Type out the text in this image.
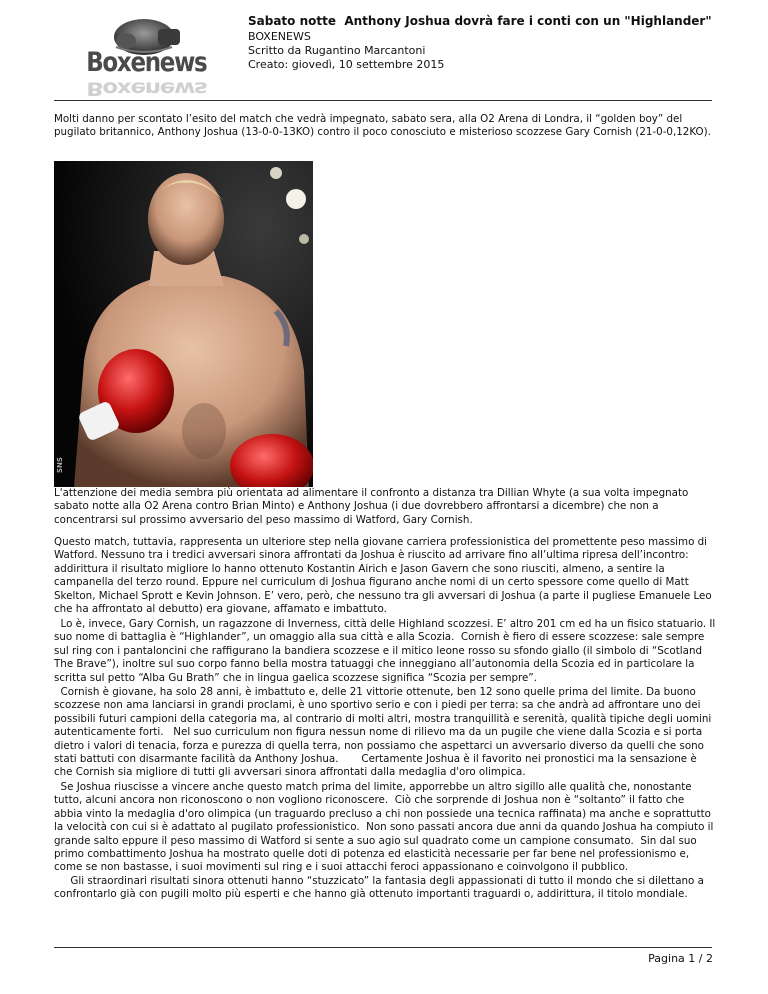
Boxenews
Boxenews
Sabato notte  Anthony Joshua dovrà fare i conti con un "Highlander"
BOXENEWS
Scritto da Rugantino Marcantoni
Creato: giovedì, 10 settembre 2015
Molti danno per scontato l’esito del match che vedrà impegnato, sabato sera, alla O2 Arena di Londra, il “golden boy” del pugilato britannico, Anthony Joshua (13-0-0-13KO) contro il poco conosciuto e misterioso scozzese Gary Cornish (21-0-0,12KO).
SNS
L'attenzione dei media sembra più orientata ad alimentare il confronto a distanza tra Dillian Whyte (a sua volta impegnato sabato notte alla O2 Arena contro Brian Minto) e Anthony Joshua (i due dovrebbero affrontarsi a dicembre) che non a concentrarsi sul prossimo avversario del peso massimo di Watford, Gary Cornish.
Questo match, tuttavia, rappresenta un ulteriore step nella giovane carriera professionistica del promettente peso massimo di Watford. Nessuno tra i tredici avversari sinora affrontati da Joshua è riuscito ad arrivare fino all’ultima ripresa dell’incontro: addirittura il risultato migliore lo hanno ottenuto Kostantin Airich e Jason Gavern che sono riusciti, almeno, a sentire la campanella del terzo round. Eppure nel curriculum di Joshua figurano anche nomi di un certo spessore come quello di Matt Skelton, Michael Sprott e Kevin Johnson. E’ vero, però, che nessuno tra gli avversari di Joshua (a parte il pugliese Emanuele Leo che ha affrontato al debutto) era giovane, affamato e imbattuto.
Lo è, invece, Gary Cornish, un ragazzone di Inverness, città delle Highland scozzesi. E’ altro 201 cm ed ha un fisico statuario. Il suo nome di battaglia è “Highlander”, un omaggio alla sua città e alla Scozia.  Cornish è fiero di essere scozzese: sale sempre sul ring con i pantaloncini che raffigurano la bandiera scozzese e il mitico leone rosso su sfondo giallo (il simbolo di “Scotland The Brave”), inoltre sul suo corpo fanno bella mostra tatuaggi che inneggiano all’autonomia della Scozia ed in particolare la scritta sul petto “Alba Gu Brath” che in lingua gaelica scozzese significa “Scozia per sempre”.
Cornish è giovane, ha solo 28 anni, è imbattuto e, delle 21 vittorie ottenute, ben 12 sono quelle prima del limite. Da buono scozzese non ama lanciarsi in grandi proclami, è uno sportivo serio e con i piedi per terra: sa che andrà ad affrontare uno dei possibili futuri campioni della categoria ma, al contrario di molti altri, mostra tranquillità e serenità, qualità tipiche degli uomini autenticamente forti.   Nel suo curriculum non figura nessun nome di rilievo ma da un pugile che viene dalla Scozia e si porta dietro i valori di tenacia, forza e purezza di quella terra, non possiamo che aspettarci un avversario diverso da quelli che sono stati battuti con disarmante facilità da Anthony Joshua.       Certamente Joshua è il favorito nei pronostici ma la sensazione è che Cornish sia migliore di tutti gli avversari sinora affrontati dalla medaglia d'oro olimpica.
Se Joshua riuscisse a vincere anche questo match prima del limite, apporrebbe un altro sigillo alle qualità che, nonostante tutto, alcuni ancora non riconoscono o non vogliono riconoscere.  Ciò che sorprende di Joshua non è “soltanto” il fatto che abbia vinto la medaglia d'oro olimpica (un traguardo precluso a chi non possiede una tecnica raffinata) ma anche e soprattutto la velocità con cui si è adattato al pugilato professionistico.  Non sono passati ancora due anni da quando Joshua ha compiuto il grande salto eppure il peso massimo di Watford si sente a suo agio sul quadrato come un campione consumato.  Sin dal suo primo combattimento Joshua ha mostrato quelle doti di potenza ed elasticità necessarie per far bene nel professionismo e, come se non bastasse, i suoi movimenti sul ring e i suoi attacchi feroci appassionano e coinvolgono il pubblico.
Gli straordinari risultati sinora ottenuti hanno “stuzzicato” la fantasia degli appassionati di tutto il mondo che si dilettano a confrontarlo già con pugili molto più esperti e che hanno già ottenuto importanti traguardi o, addirittura, il titolo mondiale.
Pagina 1 / 2
